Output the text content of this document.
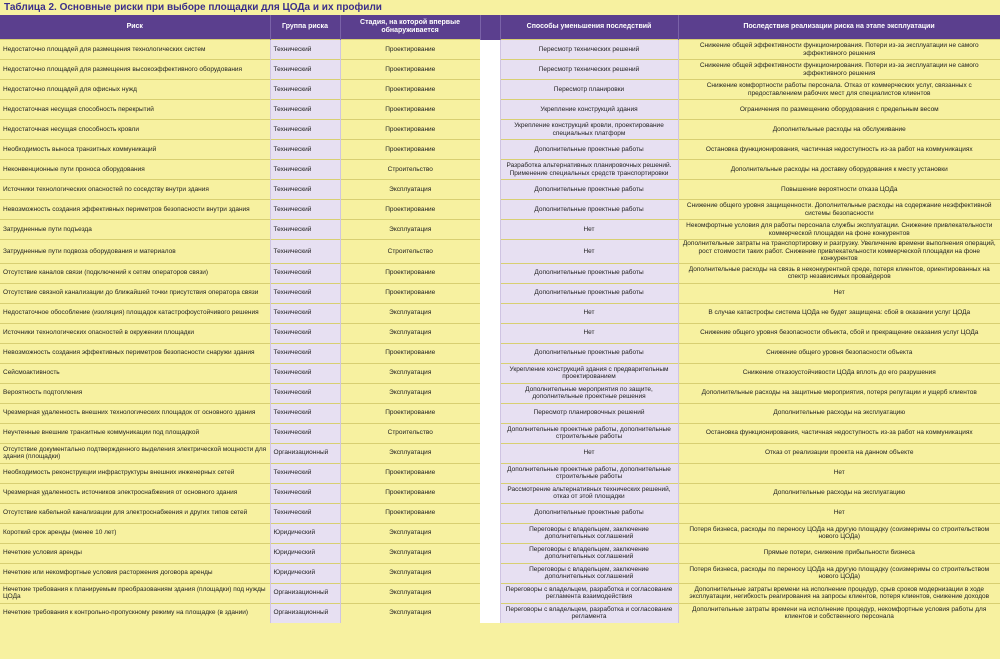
Таблица 2. Основные риски при выборе площадки для ЦОДа и их профили
Риск	Группа риска	Стадия, на которой впервые обнаруживается		Способы уменьшения последствий	Последствия реализации риска на этапе эксплуатации
Недостаточно площадей для размещения технологических систем	Технический	Проектирование		Пересмотр технических решений	Снижение общей эффективности функционирования. Потери из-за эксплуатации не самого эффективного решения
Недостаточно площадей для размещения высокоэффективного оборудования	Технический	Проектирование		Пересмотр технических решений	Снижение общей эффективности функционирования. Потери из-за эксплуатации не самого эффективного решения
Недостаточно площадей для офисных нужд	Технический	Проектирование		Пересмотр планировки	Снижение комфортности работы персонала. Отказ от коммерческих услуг, связанных с предоставлением рабочих мест для специалистов клиентов
Недостаточная несущая способность перекрытий	Технический	Проектирование		Укрепление конструкций здания	Ограничения по размещению оборудования с предельным весом
Недостаточная несущая способность кровли	Технический	Проектирование		Укрепление конструкций кровли, проектирование специальных платформ	Дополнительные расходы на обслуживание
Необходимость выноса транзитных коммуникаций	Технический	Проектирование		Дополнительные проектные работы	Остановка функционирования, частичная недоступность из-за работ на коммуникациях
Неконвенционные пути проноса оборудования	Технический	Строительство		Разработка альтернативных планировочных решений. Применение специальных средств транспортировки	Дополнительные расходы на доставку оборудования к месту установки
Источники технологических опасностей по соседству внутри здания	Технический	Эксплуатация		Дополнительные проектные работы	Повышение вероятности отказа ЦОДа
Невозможность создания эффективных периметров безопасности внутри здания	Технический	Проектирование		Дополнительные проектные работы	Снижение общего уровня защищенности. Дополнительные расходы на содержание неэффективной системы безопасности
Затрудненные пути подъезда	Технический	Эксплуатация		Нет	Некомфортные условия для работы персонала службы эксплуатации. Снижение привлекательности коммерческой площадки на фоне конкурентов
Затрудненные пути подвоза оборудования и материалов	Технический	Строительство		Нет	Дополнительные затраты на транспортировку и разгрузку. Увеличение времени выполнения операций, рост стоимости таких работ. Снижение привлекательности коммерческой площадки на фоне конкурентов
Отсутствие каналов связи (подключений к сетям операторов связи)	Технический	Проектирование		Дополнительные проектные работы	Дополнительные расходы на связь в неконкурентной среде, потеря клиентов, ориентированных на спектр независимых провайдеров
Отсутствие связной канализации до ближайшей точки присутствия оператора связи	Технический	Проектирование		Дополнительные проектные работы	Нет
Недостаточное обособление (изоляция) площадок катастрофоустойчивого решения	Технический	Эксплуатация		Нет	В случае катастрофы система ЦОДа не будет защищена: сбой в оказании услуг ЦОДа
Источники технологических опасностей в окружении площадки	Технический	Эксплуатация		Нет	Снижение общего уровня безопасности объекта, сбой и прекращение оказания услуг ЦОДа
Невозможность создания эффективных периметров безопасности снаружи здания	Технический	Проектирование		Дополнительные проектные работы	Снижение общего уровня безопасности объекта
Сейсмоактивность	Технический	Эксплуатация		Укрепление конструкций здания с предварительным проектированием	Снижение отказоустойчивости ЦОДа вплоть до его разрушения
Вероятность подтопления	Технический	Эксплуатация		Дополнительные мероприятия по защите, дополнительные проектные решения	Дополнительные расходы на защитные мероприятия, потеря репутации и ущерб клиентов
Чрезмерная удаленность внешних технологических площадок от основного здания	Технический	Проектирование		Пересмотр планировочных решений	Дополнительные расходы на эксплуатацию
Неучтенные внешние транзитные коммуникации под площадкой	Технический	Строительство		Дополнительные проектные работы, дополнительные строительные работы	Остановка функционирования, частичная недоступность из-за работ на коммуникациях
Отсутствие документально подтвержденного выделения электрической мощности для здания (площадки)	Организационный	Эксплуатация		Нет	Отказ от реализации проекта на данном объекте
Необходимость реконструкции инфраструктуры внешних инженерных сетей	Технический	Проектирование		Дополнительные проектные работы, дополнительные строительные работы	Нет
Чрезмерная удаленность источников электроснабжения от основного здания	Технический	Проектирование		Рассмотрение альтернативных технических решений, отказ от этой площадки	Дополнительные расходы на эксплуатацию
Отсутствие кабельной канализации для электроснабжения и других типов сетей	Технический	Проектирование		Дополнительные проектные работы	Нет
Короткий срок аренды (менее 10 лет)	Юридический	Эксплуатация		Переговоры с владельцем, заключение дополнительных соглашений	Потеря бизнеса, расходы по переносу ЦОДа на другую площадку (соизмеримы со строительством нового ЦОДа)
Нечеткие условия аренды	Юридический	Эксплуатация		Переговоры с владельцем, заключение дополнительных соглашений	Прямые потери, снижение прибыльности бизнеса
Нечеткие или некомфортные условия расторжения договора аренды	Юридический	Эксплуатация		Переговоры с владельцем, заключение дополнительных соглашений	Потеря бизнеса, расходы по переносу ЦОДа на другую площадку (соизмеримы со строительством нового ЦОДа)
Нечеткие требования к планируемым преобразованиям здания (площадки) под нужды ЦОДа	Организационный	Эксплуатация		Переговоры с владельцем, разработка и согласование регламента взаимодействия	Дополнительные затраты времени на исполнение процедур, срыв сроков модернизации в ходе эксплуатации, негибкость реагирования на запросы клиентов, потеря клиентов, снижение доходов
Нечеткие требования к контрольно-пропускному режиму на площадке (в здании)	Организационный	Эксплуатация		Переговоры с владельцем, разработка и согласование регламента	Дополнительные затраты времени на исполнение процедур, некомфортные условия работы для клиентов и собственного персонала
